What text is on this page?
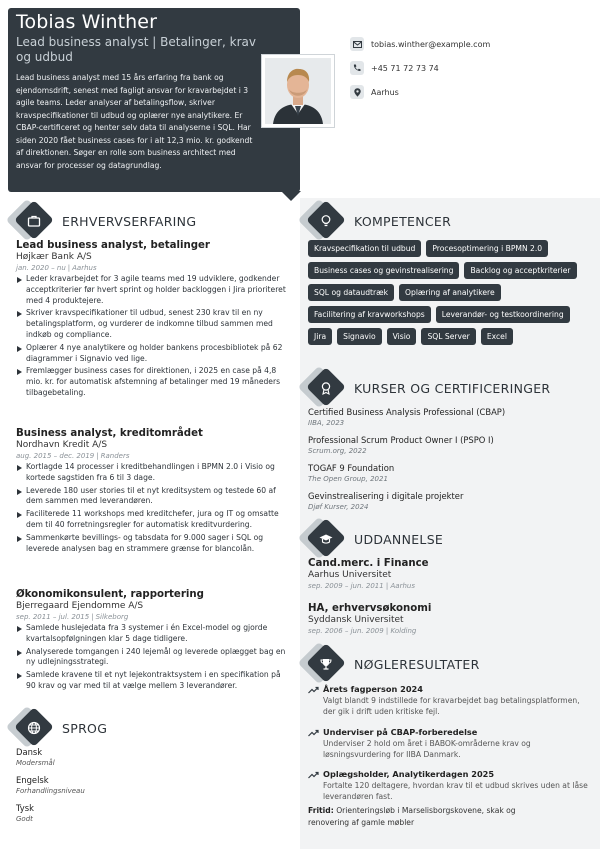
Tobias Winther
Lead business analyst | Betalinger, krav og udbud
Lead business analyst med 15 års erfaring fra bank og ejendomsdrift, senest med fagligt ansvar for kravarbejdet i 3 agile teams. Leder analyser af betalingsflow, skriver kravspecifikationer til udbud og oplærer nye analytikere. Er CBAP-certificeret og henter selv data til analyserne i SQL. Har siden 2020 fået business cases for i alt 12,3 mio. kr. godkendt af direktionen. Søger en rolle som business architect med ansvar for processer og datagrundlag.
tobias.winther@example.com
+45 71 72 73 74
Aarhus
ERHVERVSERFARING
Lead business analyst, betalinger
Højkær Bank A/S
jan. 2020 – nu | Aarhus
Leder kravarbejdet for 3 agile teams med 19 udviklere, godkender acceptkriterier før hvert sprint og holder backloggen i Jira prioriteret med 4 produktejere.
Skriver kravspecifikationer til udbud, senest 230 krav til en ny betalingsplatform, og vurderer de indkomne tilbud sammen med indkøb og compliance.
Oplærer 4 nye analytikere og holder bankens procesbibliotek på 62 diagrammer i Signavio ved lige.
Fremlægger business cases for direktionen, i 2025 en case på 4,8 mio. kr. for automatisk afstemning af betalinger med 19 måneders tilbagebetaling.
Business analyst, kreditområdet
Nordhavn Kredit A/S
aug. 2015 – dec. 2019 | Randers
Kortlagde 14 processer i kreditbehandlingen i BPMN 2.0 i Visio og kortede sagstiden fra 6 til 3 dage.
Leverede 180 user stories til et nyt kreditsystem og testede 60 af dem sammen med leverandøren.
Faciliterede 11 workshops med kreditchefer, jura og IT og omsatte dem til 40 forretningsregler for automatisk kreditvurdering.
Sammenkørte bevillings- og tabsdata for 9.000 sager i SQL og leverede analysen bag en strammere grænse for blancolån.
Økonomikonsulent, rapportering
Bjerregaard Ejendomme A/S
sep. 2011 – jul. 2015 | Silkeborg
Samlede huslejedata fra 3 systemer i én Excel-model og gjorde kvartalsopfølgningen klar 5 dage tidligere.
Analyserede tomgangen i 240 lejemål og leverede oplægget bag en ny udlejningsstrategi.
Samlede kravene til et nyt lejekontraktsystem i en specifikation på 90 krav og var med til at vælge mellem 3 leverandører.
SPROG
Dansk
Modersmål
Engelsk
Forhandlingsniveau
Tysk
Godt
KOMPETENCER
Kravspecifikation til udbud	Procesoptimering i BPMN 2.0
Business cases og gevinstrealisering	Backlog og acceptkriterier
SQL og dataudtræk	Oplæring af analytikere
Facilitering af kravworkshops	Leverandør- og testkoordinering
Jira	Signavio	Visio	SQL Server	Excel
KURSER OG CERTIFICERINGER
Certified Business Analysis Professional (CBAP)
IIBA, 2023
Professional Scrum Product Owner I (PSPO I)
Scrum.org, 2022
TOGAF 9 Foundation
The Open Group, 2021
Gevinstrealisering i digitale projekter
Djøf Kurser, 2024
UDDANNELSE
Cand.merc. i Finance
Aarhus Universitet
sep. 2009 – jun. 2011 | Aarhus
HA, erhvervsøkonomi
Syddansk Universitet
sep. 2006 – jun. 2009 | Kolding
NØGLERESULTATER
Årets fagperson 2024
Valgt blandt 9 indstillede for kravarbejdet bag betalingsplatformen, der gik i drift uden kritiske fejl.
Underviser på CBAP-forberedelse
Underviser 2 hold om året i BABOK-områderne krav og løsningsvurdering for IIBA Danmark.
Oplægsholder, Analytikerdagen 2025
Fortalte 120 deltagere, hvordan krav til et udbud skrives uden at låse leverandøren fast.
Fritid: Orienteringsløb i Marselisborgskovene, skak og renovering af gamle møbler
